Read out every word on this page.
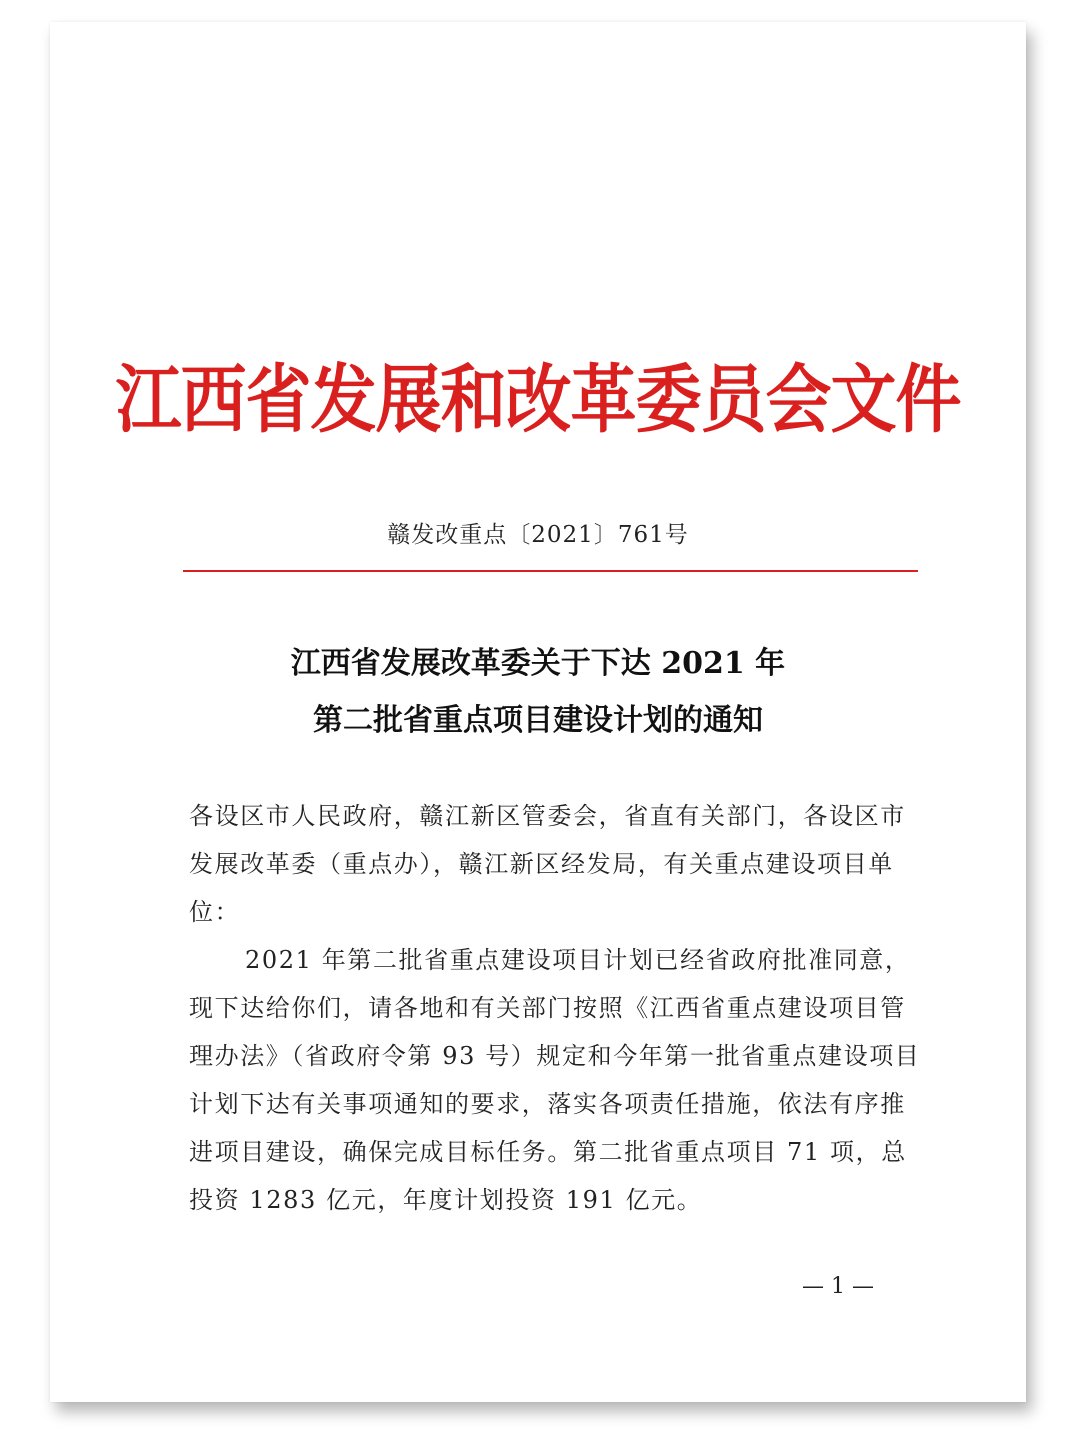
江西省发展和改革委员会文件
赣发改重点〔2021〕761号
江西省发展改革委关于下达 2021 年
第二批省重点项目建设计划的通知
各设区市人民政府，赣江新区管委会，省直有关部门，各设区市
发展改革委（重点办），赣江新区经发局，有关重点建设项目单
位：
2021 年第二批省重点建设项目计划已经省政府批准同意，
现下达给你们，请各地和有关部门按照《江西省重点建设项目管
理办法》（省政府令第 93 号）规定和今年第一批省重点建设项目
计划下达有关事项通知的要求，落实各项责任措施，依法有序推
进项目建设，确保完成目标任务。第二批省重点项目 71 项，总
投资 1283 亿元，年度计划投资 191 亿元。
— 1 —
